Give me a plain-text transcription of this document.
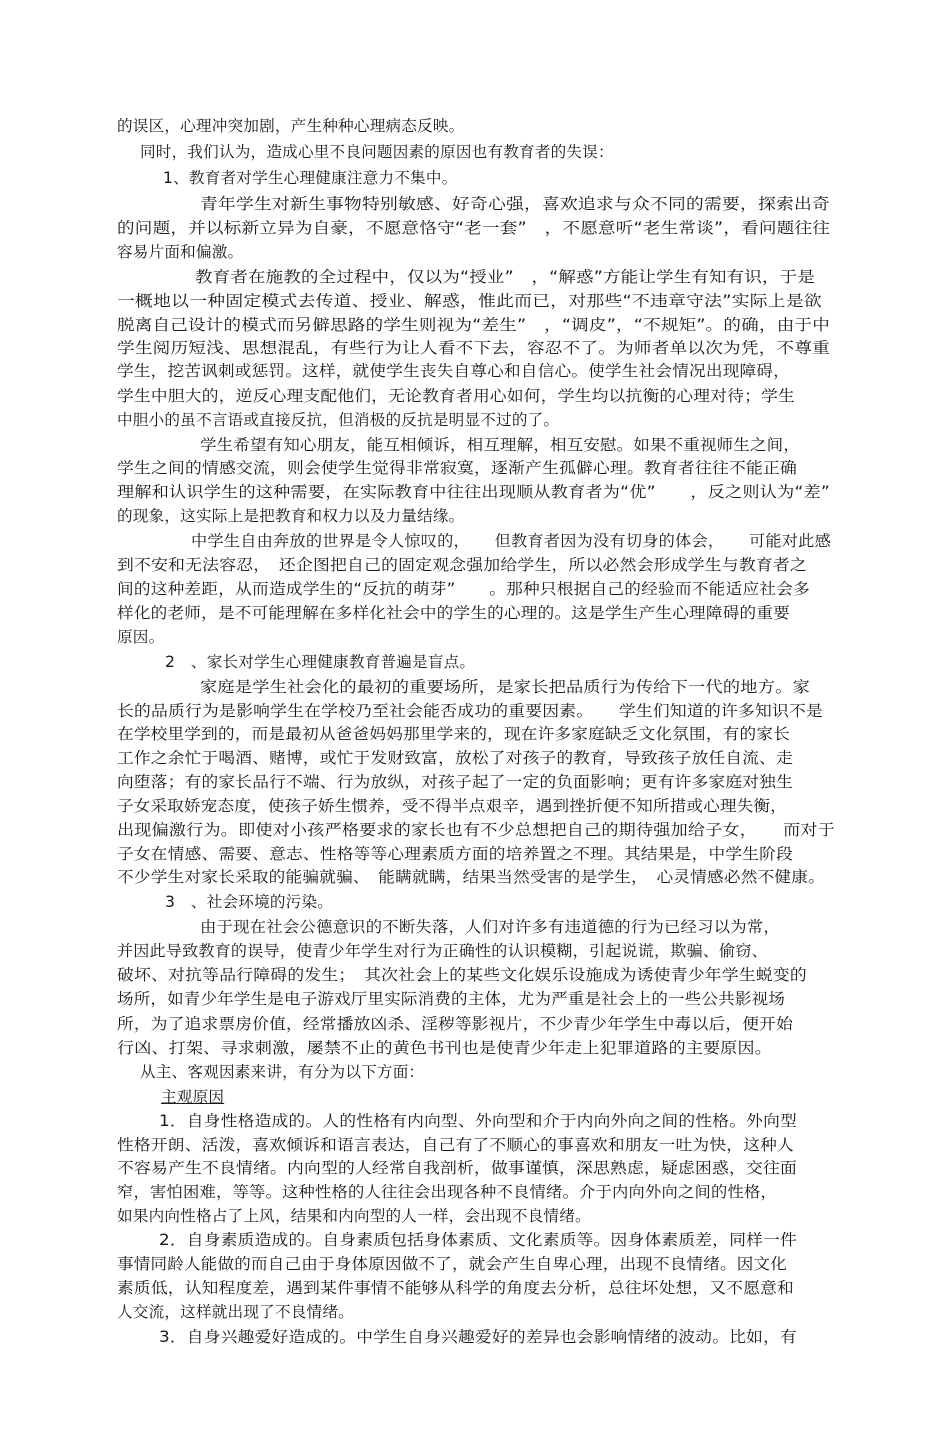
的误区，心理冲突加剧，产生种种心理病态反映。
同时，我们认为，造成心里不良问题因素的原因也有教育者的失误：
1、教育者对学生心理健康注意力不集中。
青年学生对新生事物特别敏感、好奇心强，喜欢追求与众不同的需要，探索出奇
的问题，并以标新立异为自豪，不愿意恪守“老一套”　，不愿意听“老生常谈”，看问题往往
容易片面和偏激。
教育者在施教的全过程中，仅以为“授业”　，“解惑”方能让学生有知有识，于是
一概地以一种固定模式去传道、授业、解惑，惟此而已，对那些“不违章守法”实际上是欲
脱离自己设计的模式而另僻思路的学生则视为“差生”　，“调皮”，“不规矩”。的确，由于中
学生阅历短浅、思想混乱，有些行为让人看不下去，容忍不了。为师者单以次为凭，不尊重
学生，挖苦讽刺或惩罚。这样，就使学生丧失自尊心和自信心。使学生社会情况出现障碍，
学生中胆大的，逆反心理支配他们，无论教育者用心如何，学生均以抗衡的心理对待；学生
中胆小的虽不言语或直接反抗，但消极的反抗是明显不过的了。
学生希望有知心朋友，能互相倾诉，相互理解，相互安慰。如果不重视师生之间，
学生之间的情感交流，则会使学生觉得非常寂寞，逐渐产生孤僻心理。教育者往往不能正确
理解和认识学生的这种需要，在实际教育中往往出现顺从教育者为“优”　　，反之则认为“差”
的现象，这实际上是把教育和权力以及力量结缘。
中学生自由奔放的世界是令人惊叹的，　　但教育者因为没有切身的体会，　　可能对此感
到不安和无法容忍，　还企图把自己的固定观念强加给学生，所以必然会形成学生与教育者之
间的这种差距，从而造成学生的“反抗的萌芽”　　。那种只根据自己的经验而不能适应社会多
样化的老师，是不可能理解在多样化社会中的学生的心理的。这是学生产生心理障碍的重要
原因。
2　、家长对学生心理健康教育普遍是盲点。
家庭是学生社会化的最初的重要场所，是家长把品质行为传给下一代的地方。家
长的品质行为是影响学生在学校乃至社会能否成功的重要因素。　　学生们知道的许多知识不是
在学校里学到的，而是最初从爸爸妈妈那里学来的，现在许多家庭缺乏文化氛围，有的家长
工作之余忙于喝酒、赌博，或忙于发财致富，放松了对孩子的教育，导致孩子放任自流、走
向堕落；有的家长品行不端、行为放纵，对孩子起了一定的负面影响；更有许多家庭对独生
子女采取娇宠态度，使孩子娇生惯养，受不得半点艰辛，遇到挫折便不知所措或心理失衡，
出现偏激行为。即使对小孩严格要求的家长也有不少总想把自己的期待强加给子女，　　而对于
子女在情感、需要、意志、性格等等心理素质方面的培养置之不理。其结果是，中学生阶段
不少学生对家长采取的能骗就骗、　能瞒就瞒，结果当然受害的是学生，　心灵情感必然不健康。
3　、社会环境的污染。
由于现在社会公德意识的不断失落，人们对许多有违道德的行为已经习以为常，
并因此导致教育的误导，使青少年学生对行为正确性的认识模糊，引起说谎，欺骗、偷窃、
破坏、对抗等品行障碍的发生；　其次社会上的某些文化娱乐设施成为诱使青少年学生蜕变的
场所，如青少年学生是电子游戏厅里实际消费的主体，尤为严重是社会上的一些公共影视场
所，为了追求票房价值，经常播放凶杀、淫秽等影视片，不少青少年学生中毒以后，便开始
行凶、打架、寻求刺激，屡禁不止的黄色书刊也是使青少年走上犯罪道路的主要原因。
从主、客观因素来讲，有分为以下方面：
主观原因
1．自身性格造成的。人的性格有内向型、外向型和介于内向外向之间的性格。外向型
性格开朗、活泼，喜欢倾诉和语言表达，自己有了不顺心的事喜欢和朋友一吐为快，这种人
不容易产生不良情绪。内向型的人经常自我剖析，做事谨慎，深思熟虑，疑虑困惑，交往面
窄，害怕困难，等等。这种性格的人往往会出现各种不良情绪。介于内向外向之间的性格，
如果内向性格占了上风，结果和内向型的人一样，会出现不良情绪。
2．自身素质造成的。自身素质包括身体素质、文化素质等。因身体素质差，同样一件
事情同龄人能做的而自己由于身体原因做不了，就会产生自卑心理，出现不良情绪。因文化
素质低，认知程度差，遇到某件事情不能够从科学的角度去分析，总往坏处想，又不愿意和
人交流，这样就出现了不良情绪。
3．自身兴趣爱好造成的。中学生自身兴趣爱好的差异也会影响情绪的波动。比如，有
